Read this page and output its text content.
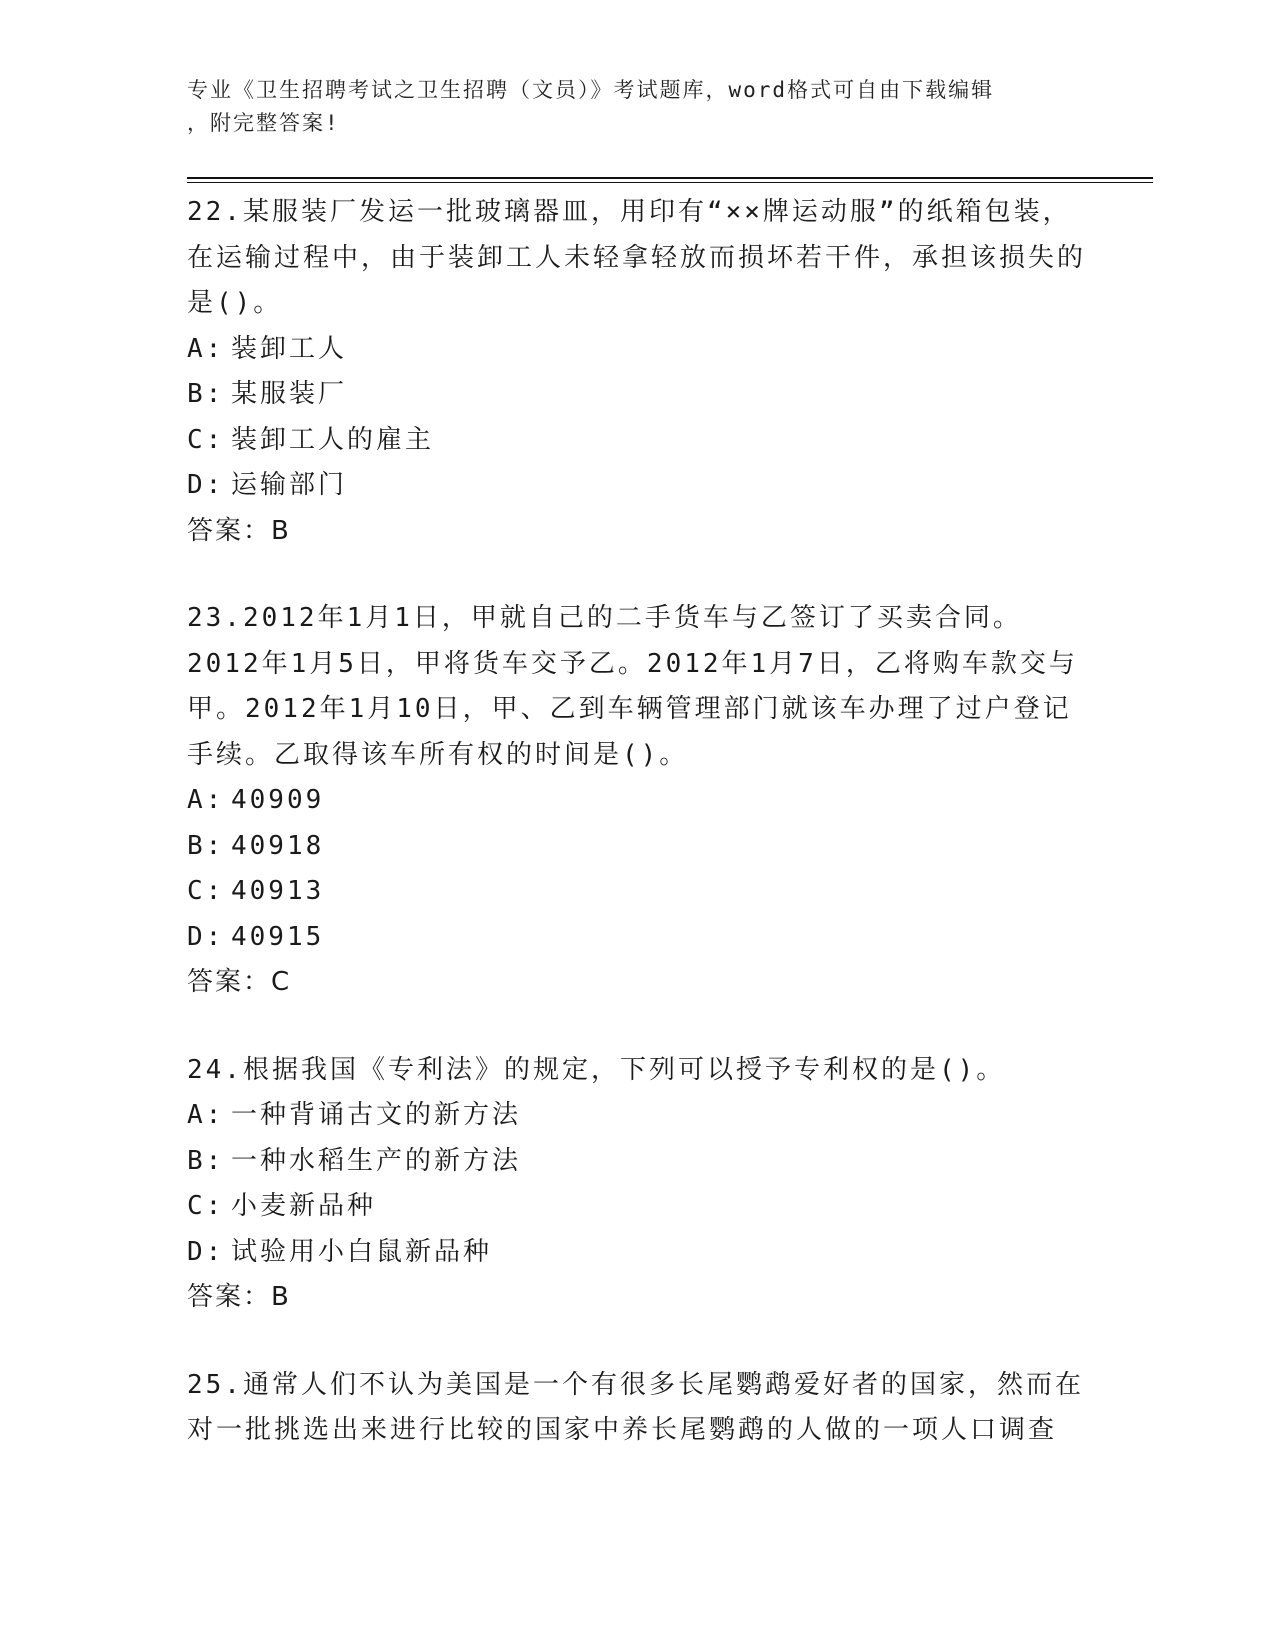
专业《卫生招聘考试之卫生招聘（文员）》考试题库，word格式可自由下载编辑
，附完整答案!

22.某服装厂发运一批玻璃器皿，用印有“××牌运动服”的纸箱包装，在运输过程中，由于装卸工人未轻拿轻放而损坏若干件，承担该损失的是()。

A: 装卸工人

B: 某服装厂

C: 装卸工人的雇主

D: 运输部门

答案：B

23.2012年1月1日，甲就自己的二手货车与乙签订了买卖合同。2012年1月5日，甲将货车交予乙。2012年1月7日，乙将购车款交与甲。2012年1月10日，甲、乙到车辆管理部门就该车办理了过户登记手续。乙取得该车所有权的时间是()。

A: 40909

B: 40918

C: 40913

D: 40915

答案：C

24.根据我国《专利法》的规定，下列可以授予专利权的是()。

A: 一种背诵古文的新方法

B: 一种水稻生产的新方法

C: 小麦新品种

D: 试验用小白鼠新品种

答案：B

25.通常人们不认为美国是一个有很多长尾鹦鹉爱好者的国家，然而在对一批挑选出来进行比较的国家中养长尾鹦鹉的人做的一项人口调查
